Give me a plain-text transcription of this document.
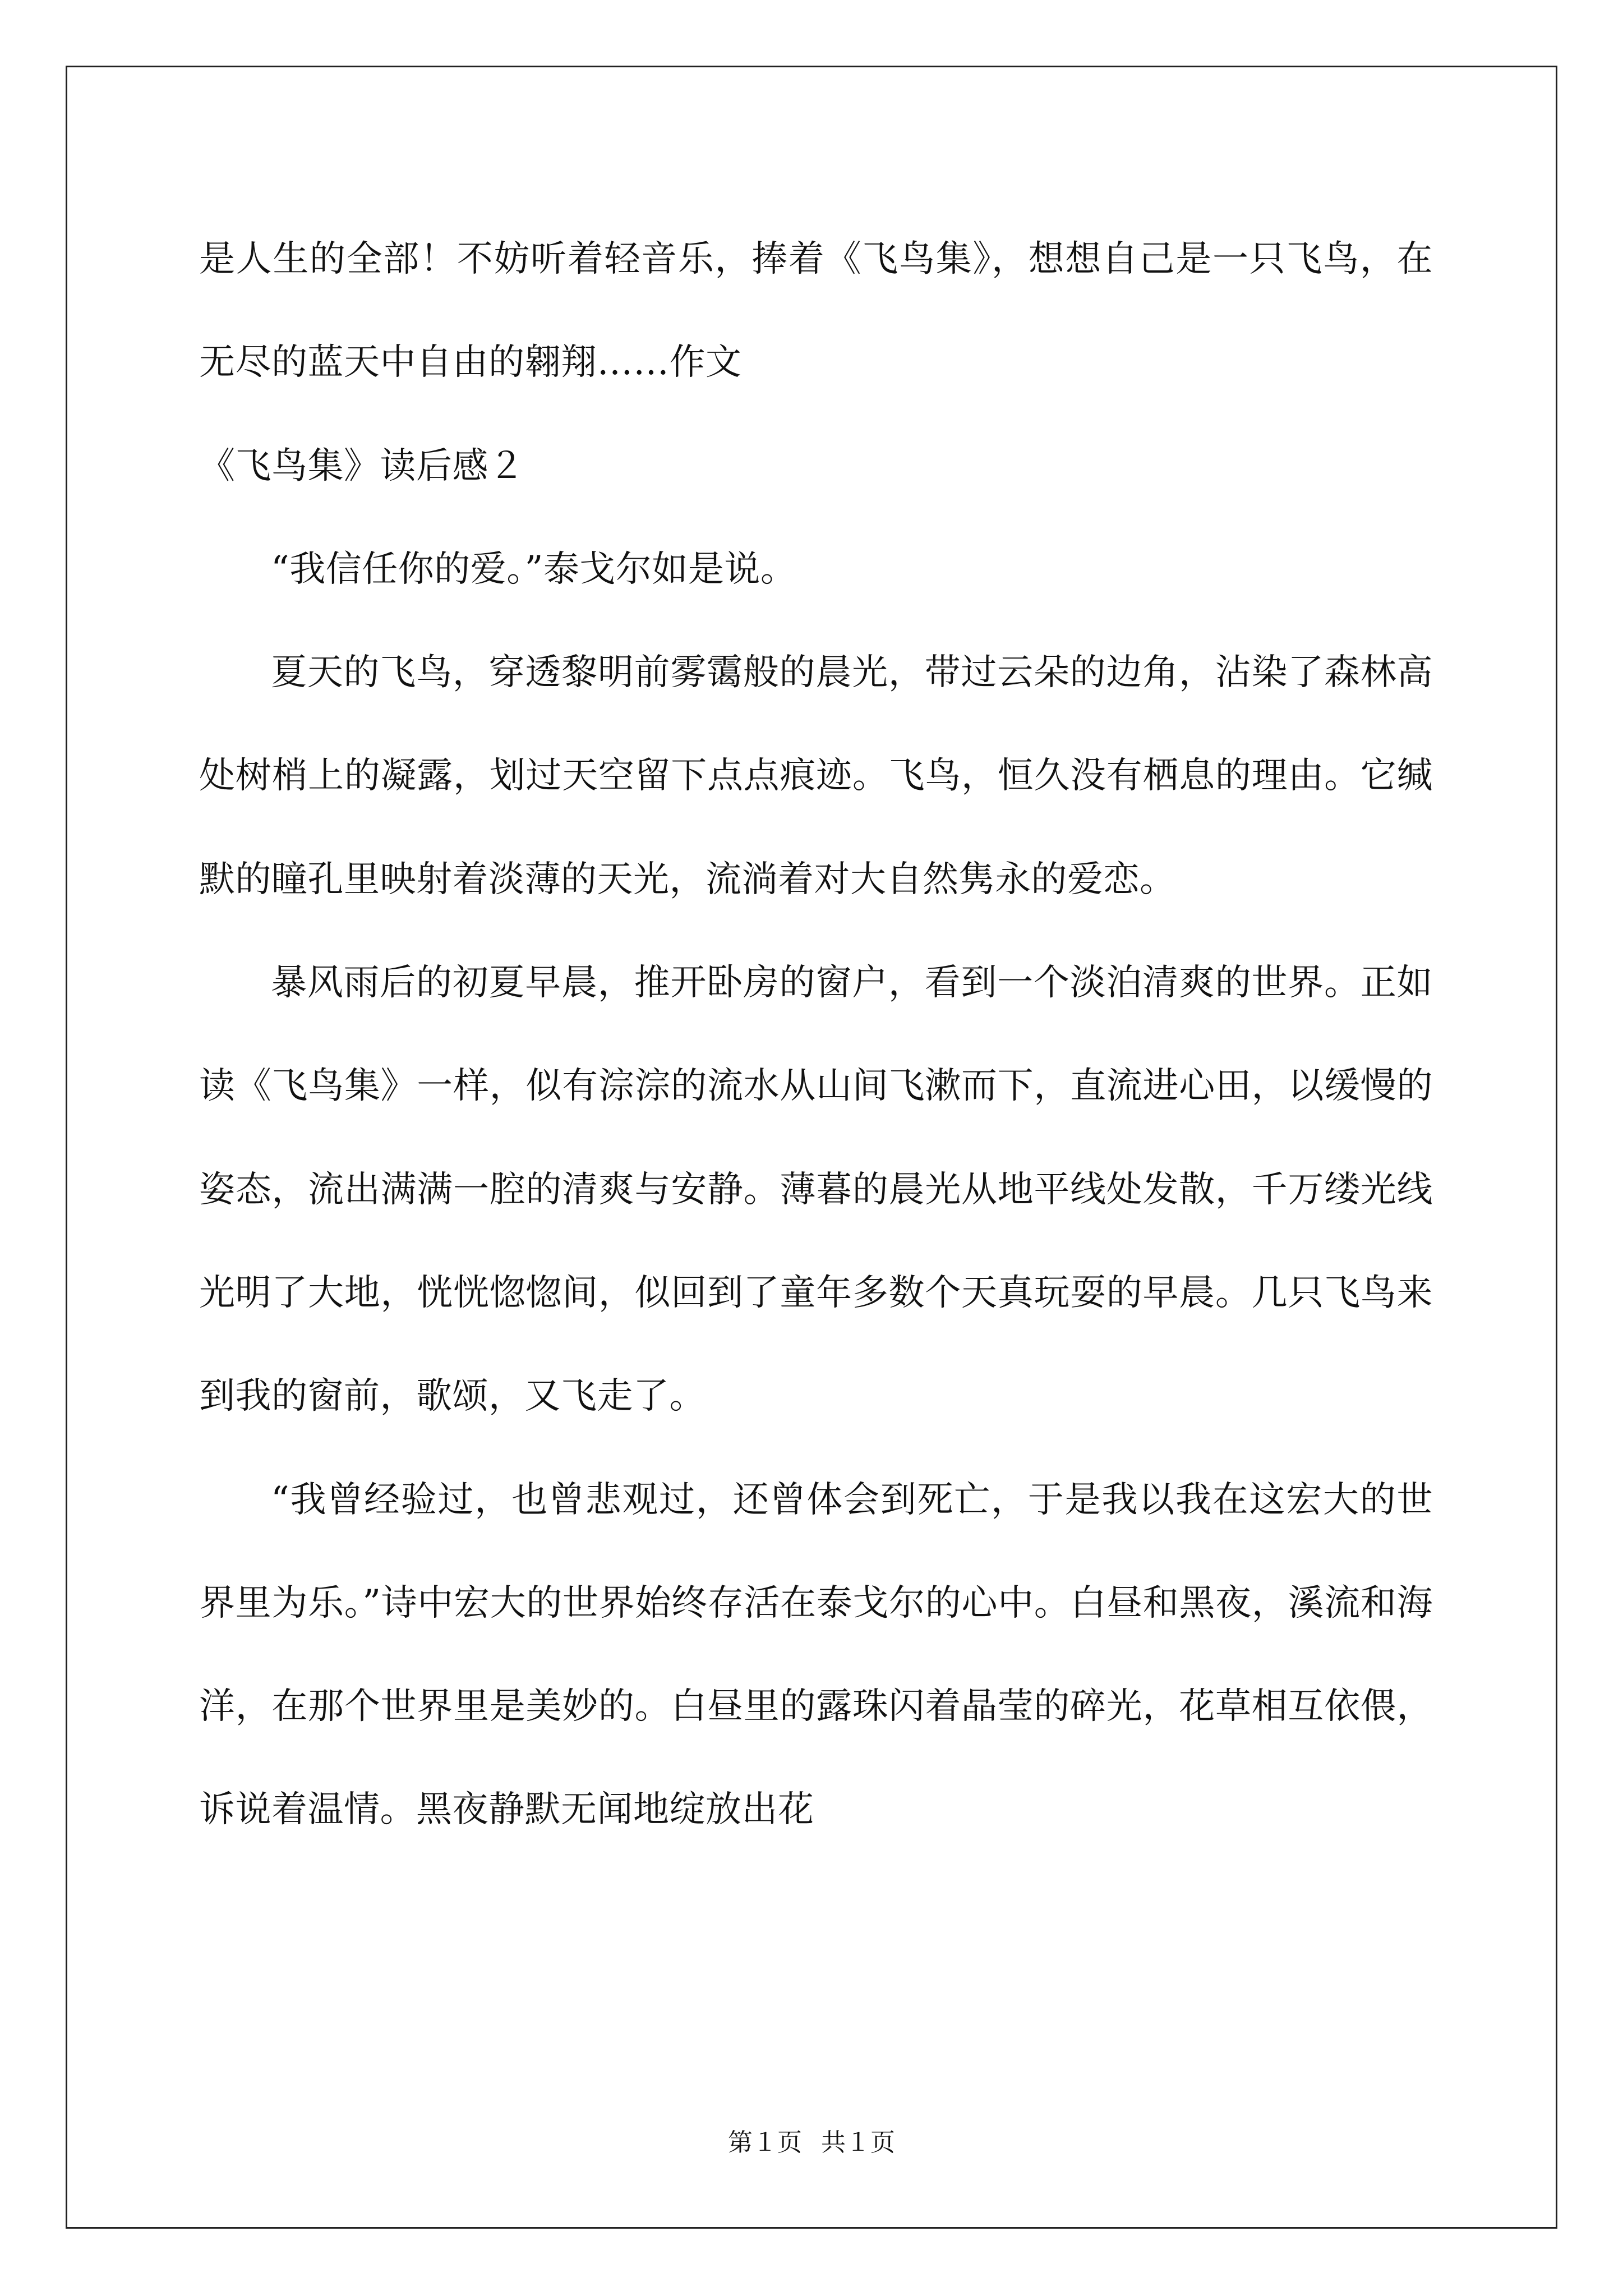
是人生的全部！不妨听着轻音乐，捧着《飞鸟集》，想想自己是一只飞鸟，在无尽的蓝天中自由的翱翔……作文

《飞鸟集》读后感２

“我信任你的爱。”泰戈尔如是说。

夏天的飞鸟，穿透黎明前雾霭般的晨光，带过云朵的边角，沾染了森林高处树梢上的凝露，划过天空留下点点痕迹。飞鸟，恒久没有栖息的理由。它缄默的瞳孔里映射着淡薄的天光，流淌着对大自然隽永的爱恋。

暴风雨后的初夏早晨，推开卧房的窗户，看到一个淡泊清爽的世界。正如读《飞鸟集》一样，似有淙淙的流水从山间飞漱而下，直流进心田，以缓慢的姿态，流出满满一腔的清爽与安静。薄暮的晨光从地平线处发散，千万缕光线光明了大地，恍恍惚惚间，似回到了童年多数个天真玩耍的早晨。几只飞鸟来到我的窗前，歌颂，又飞走了。

“我曾经验过，也曾悲观过，还曾体会到死亡，于是我以我在这宏大的世界里为乐。”诗中宏大的世界始终存活在泰戈尔的心中。白昼和黑夜，溪流和海洋，在那个世界里是美妙的。白昼里的露珠闪着晶莹的碎光，花草相互依偎，诉说着温情。黑夜静默无闻地绽放出花

第１页 共１页
